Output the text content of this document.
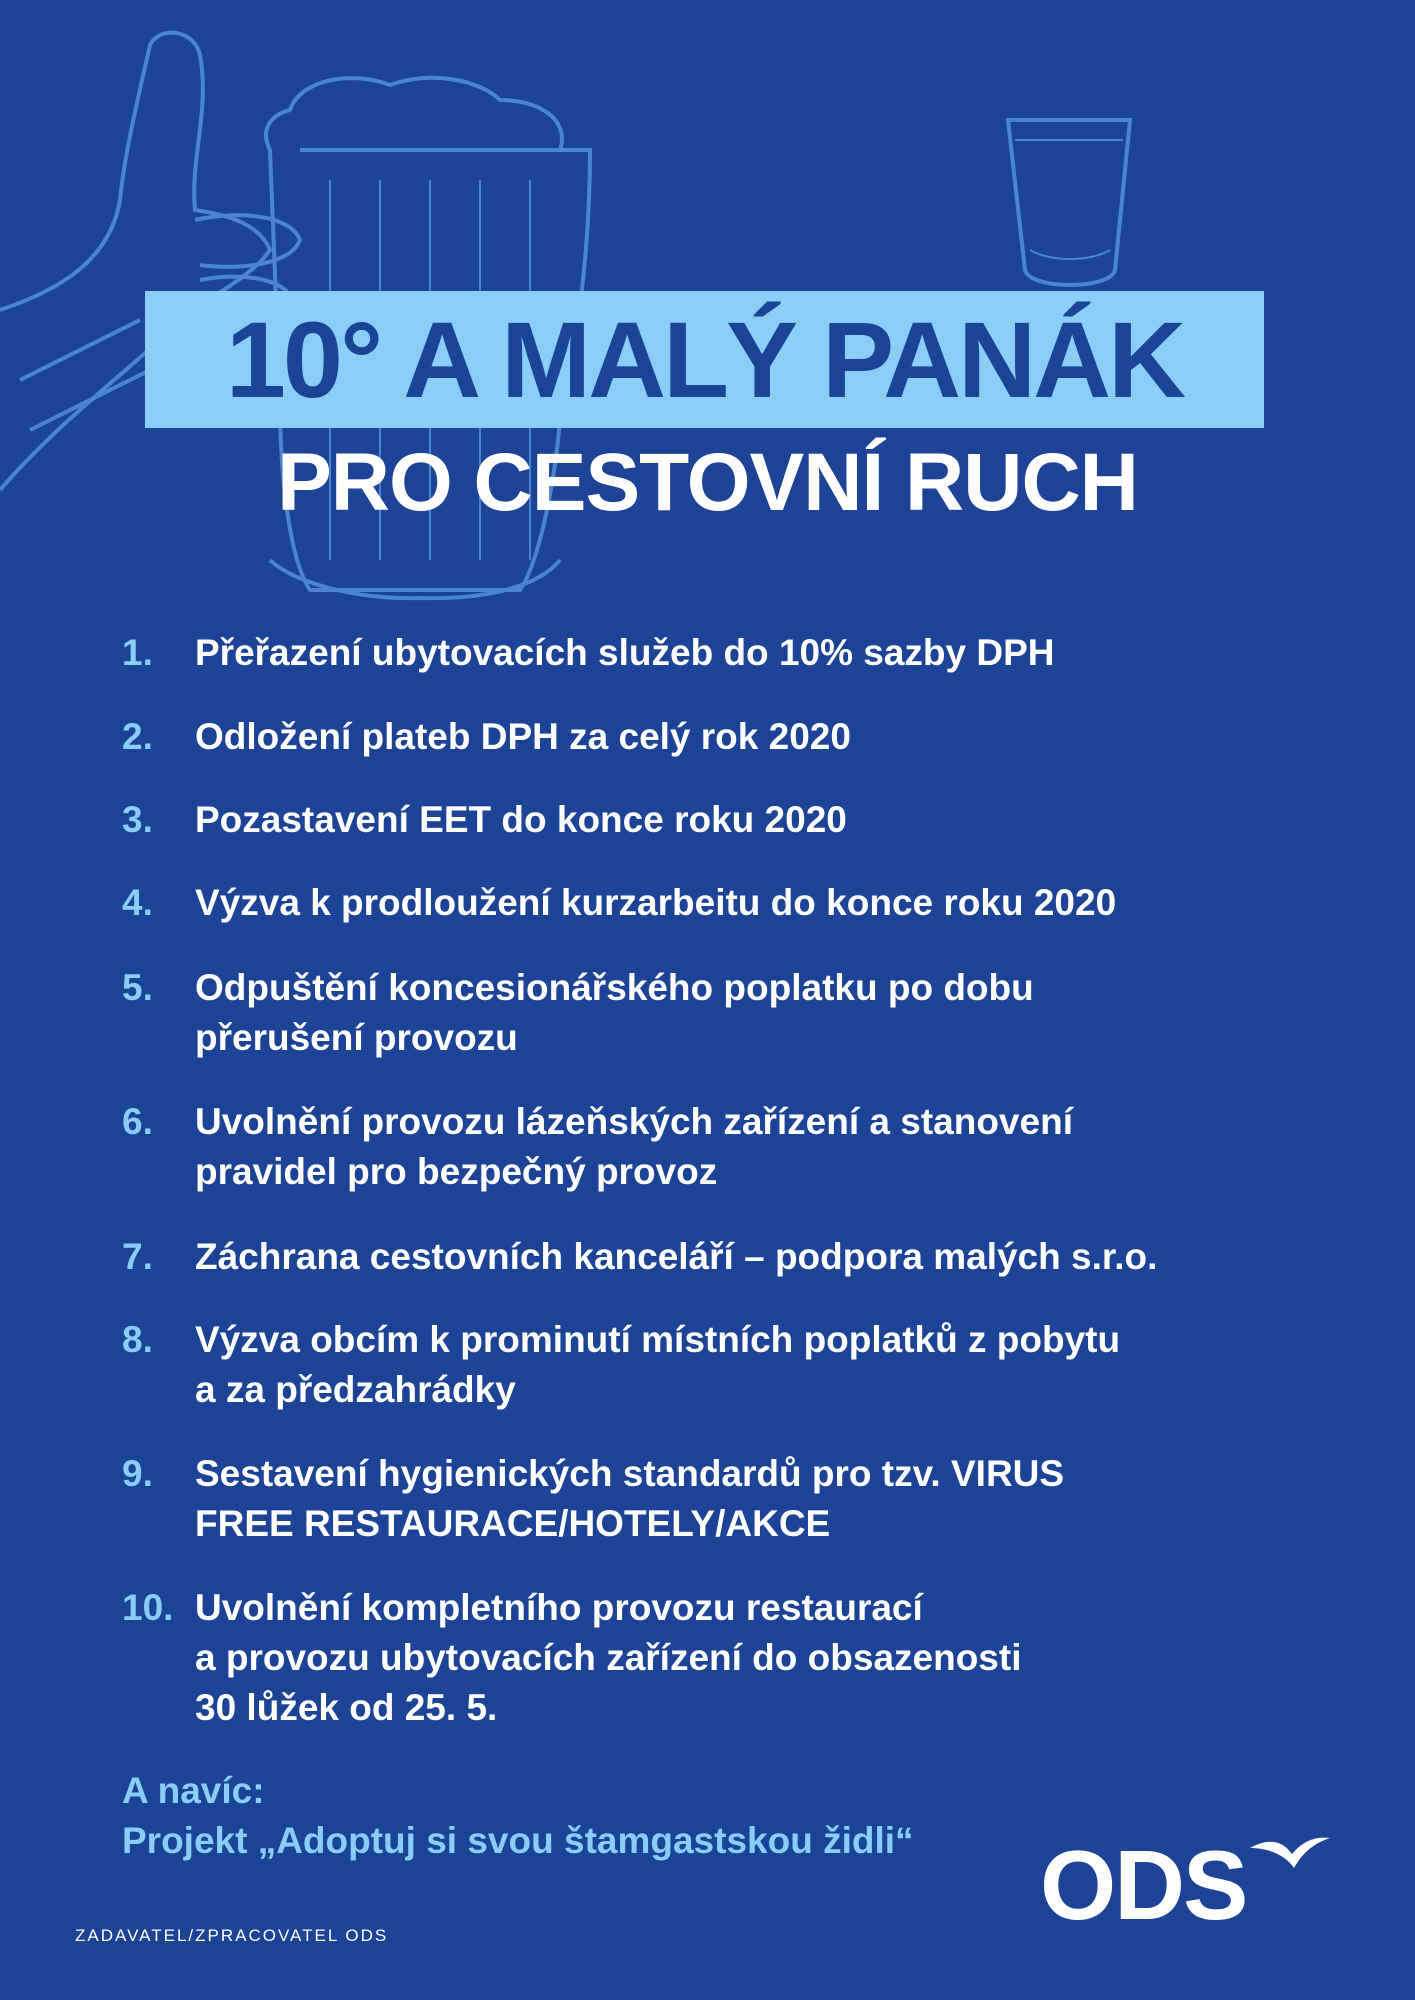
10° A MALÝ PANÁK
PRO CESTOVNÍ RUCH
1.	Přeřazení ubytovacích služeb do 10% sazby DPH
2.	Odložení plateb DPH za celý rok 2020
3.	Pozastavení EET do konce roku 2020
4.	Výzva k prodloužení kurzarbeitu do konce roku 2020
5.	Odpuštění koncesionářského poplatku po dobu
přerušení provozu
6.	Uvolnění provozu lázeňských zařízení a stanovení
pravidel pro bezpečný provoz
7.	Záchrana cestovních kanceláří – podpora malých s.r.o.
8.	Výzva obcím k prominutí místních poplatků z pobytu
a za předzahrádky
9.	Sestavení hygienických standardů pro tzv. VIRUS
FREE RESTAURACE/HOTELY/AKCE
10. Uvolnění kompletního provozu restaurací
a provozu ubytovacích zařízení do obsazenosti
30 lůžek od 25. 5.
A navíc:
Projekt „Adoptuj si svou štamgastskou židli“
ZADAVATEL/ZPRACOVATEL ODS	ODS
